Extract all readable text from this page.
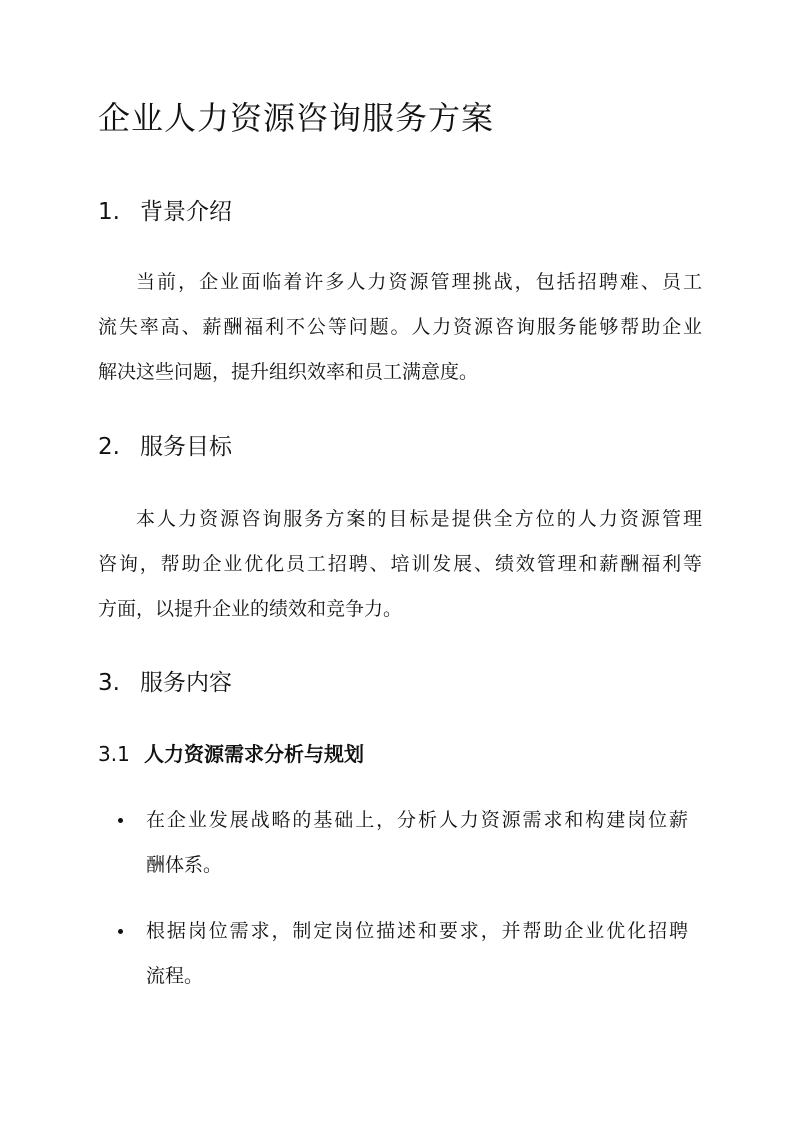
企业人力资源咨询服务方案
1. 背景介绍
当前，企业面临着许多人力资源管理挑战，包括招聘难、员工
流失率高、薪酬福利不公等问题。人力资源咨询服务能够帮助企业
解决这些问题，提升组织效率和员工满意度。
2. 服务目标
本人力资源咨询服务方案的目标是提供全方位的人力资源管理
咨询，帮助企业优化员工招聘、培训发展、绩效管理和薪酬福利等
方面，以提升企业的绩效和竞争力。
3. 服务内容
3.1 人力资源需求分析与规划
在企业发展战略的基础上，分析人力资源需求和构建岗位薪
酬体系。
根据岗位需求，制定岗位描述和要求，并帮助企业优化招聘
流程。
